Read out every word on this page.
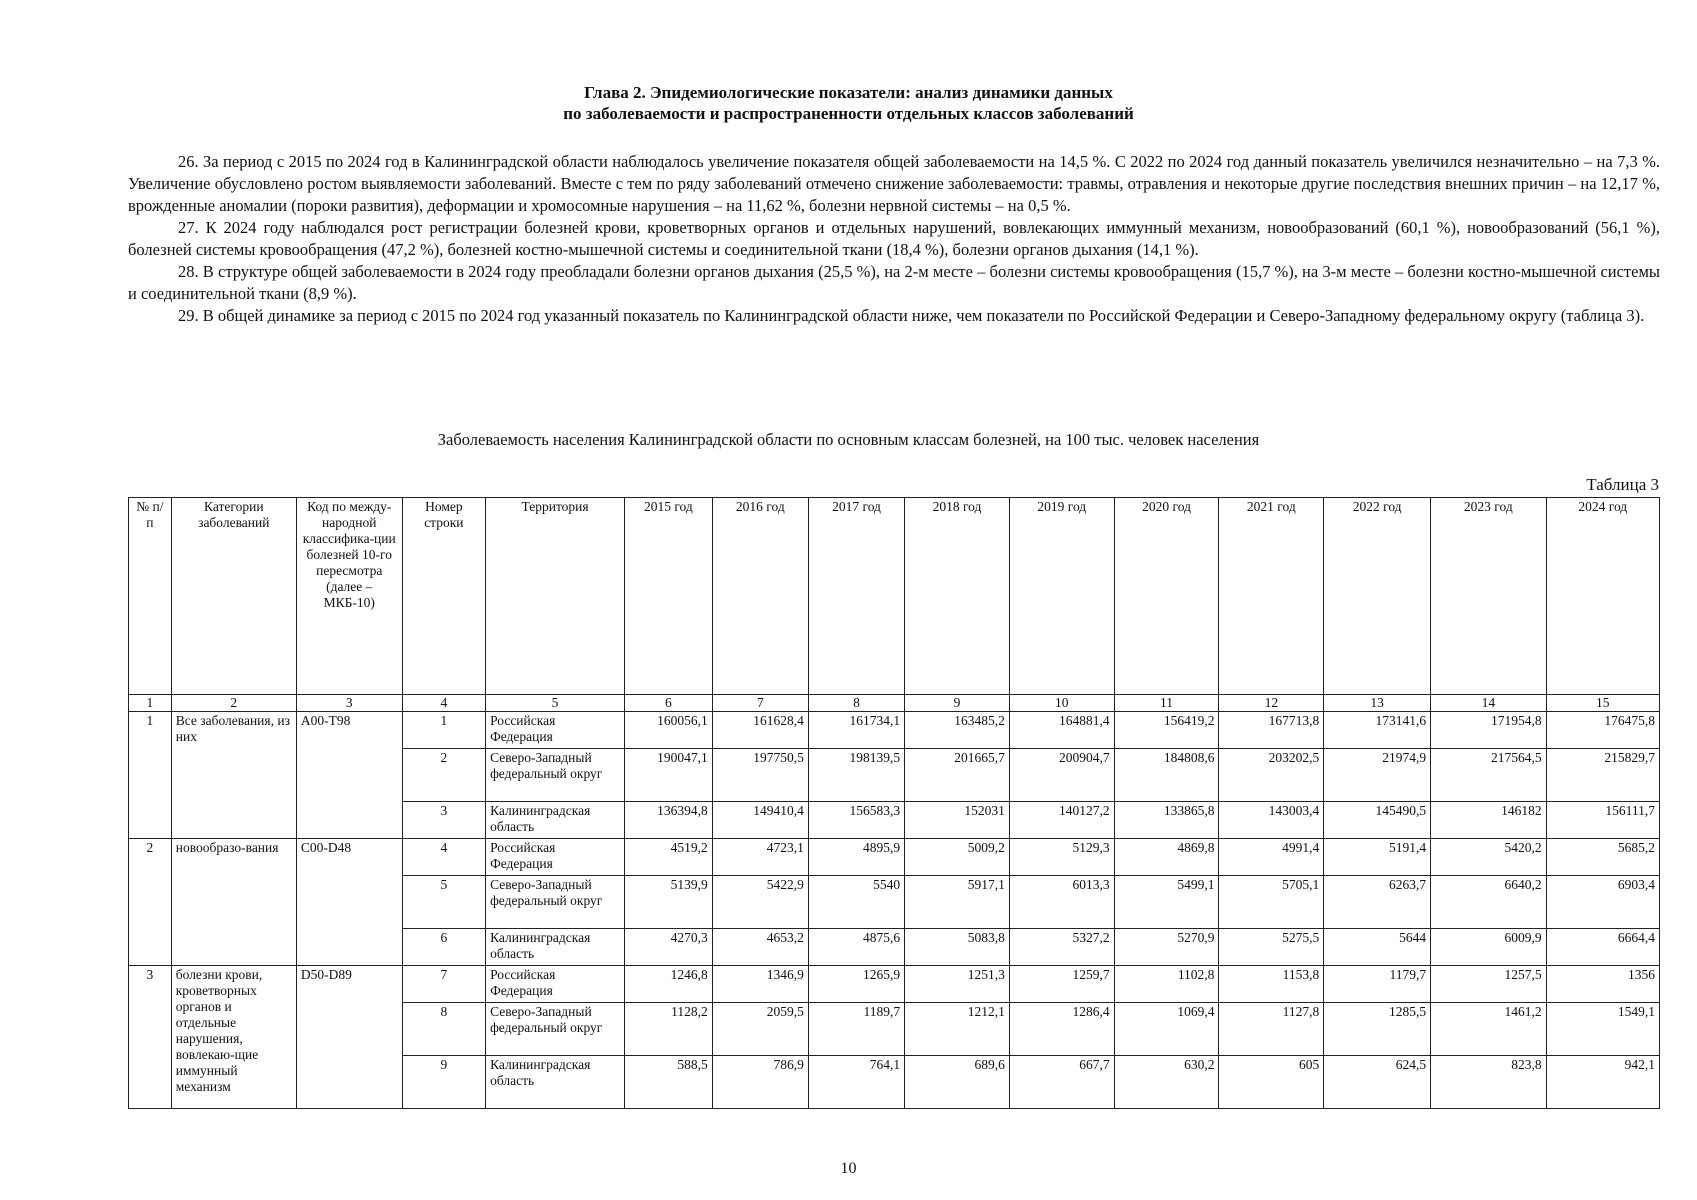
Глава 2. Эпидемиологические показатели: анализ динамики данных
по заболеваемости и распространенности отдельных классов заболеваний

26. За период с 2015 по 2024 год в Калининградской области наблюдалось увеличение показателя общей заболеваемости на 14,5 %. С 2022 по 2024 год данный показатель увеличился незначительно – на 7,3 %. Увеличение обусловлено ростом выявляемости заболеваний. Вместе с тем по ряду заболеваний отмечено снижение заболеваемости: травмы, отравления и некоторые другие последствия внешних причин – на 12,17 %, врожденные аномалии (пороки развития), деформации и хромосомные нарушения – на 11,62 %, болезни нервной системы – на 0,5 %.

27. К 2024 году наблюдался рост регистрации болезней крови, кроветворных органов и отдельных нарушений, вовлекающих иммунный механизм, новообразований (60,1 %), новообразований (56,1 %), болезней системы кровообращения (47,2 %), болезней костно-мышечной системы и соединительной ткани (18,4 %), болезни органов дыхания (14,1 %).

28. В структуре общей заболеваемости в 2024 году преобладали болезни органов дыхания (25,5 %), на 2-м месте – болезни системы кровообращения (15,7 %), на 3-м месте – болезни костно-мышечной системы и соединительной ткани (8,9 %).

29. В общей динамике за период с 2015 по 2024 год указанный показатель по Калининградской области ниже, чем показатели по Российской Федерации и Северо-Западному федеральному округу (таблица 3).

Заболеваемость населения Калининградской области по основным классам болезней, на 100 тыс. человек населения
Таблица 3
№ п/п	Категории заболеваний	Код по между-народной классифика-ции болезней 10-го пересмотра (далее – МКБ-10)	Номер строки	Территория	2015 год	2016 год	2017 год	2018 год	2019 год	2020 год	2021 год	2022 год	2023 год	2024 год
1	2	3	4	5	6	7	8	9	10	11	12	13	14	15
1	Все заболевания, из них	A00-T98	1	Российская Федерация	160056,1	161628,4	161734,1	163485,2	164881,4	156419,2	167713,8	173141,6	171954,8	176475,8
			2	Северо-Западный федеральный округ	190047,1	197750,5	198139,5	201665,7	200904,7	184808,6	203202,5	21974,9	217564,5	215829,7
			3	Калининградская область	136394,8	149410,4	156583,3	152031	140127,2	133865,8	143003,4	145490,5	146182	156111,7
2	новообразо-вания	C00-D48	4	Российская Федерация	4519,2	4723,1	4895,9	5009,2	5129,3	4869,8	4991,4	5191,4	5420,2	5685,2
			5	Северо-Западный федеральный округ	5139,9	5422,9	5540	5917,1	6013,3	5499,1	5705,1	6263,7	6640,2	6903,4
			6	Калининградская область	4270,3	4653,2	4875,6	5083,8	5327,2	5270,9	5275,5	5644	6009,9	6664,4
3	болезни крови, кроветворных органов и отдельные нарушения, вовлекаю-щие иммунный механизм	D50-D89	7	Российская Федерация	1246,8	1346,9	1265,9	1251,3	1259,7	1102,8	1153,8	1179,7	1257,5	1356
			8	Северо-Западный федеральный округ	1128,2	2059,5	1189,7	1212,1	1286,4	1069,4	1127,8	1285,5	1461,2	1549,1
			9	Калининградская область	588,5	786,9	764,1	689,6	667,7	630,2	605	624,5	823,8	942,1
10
